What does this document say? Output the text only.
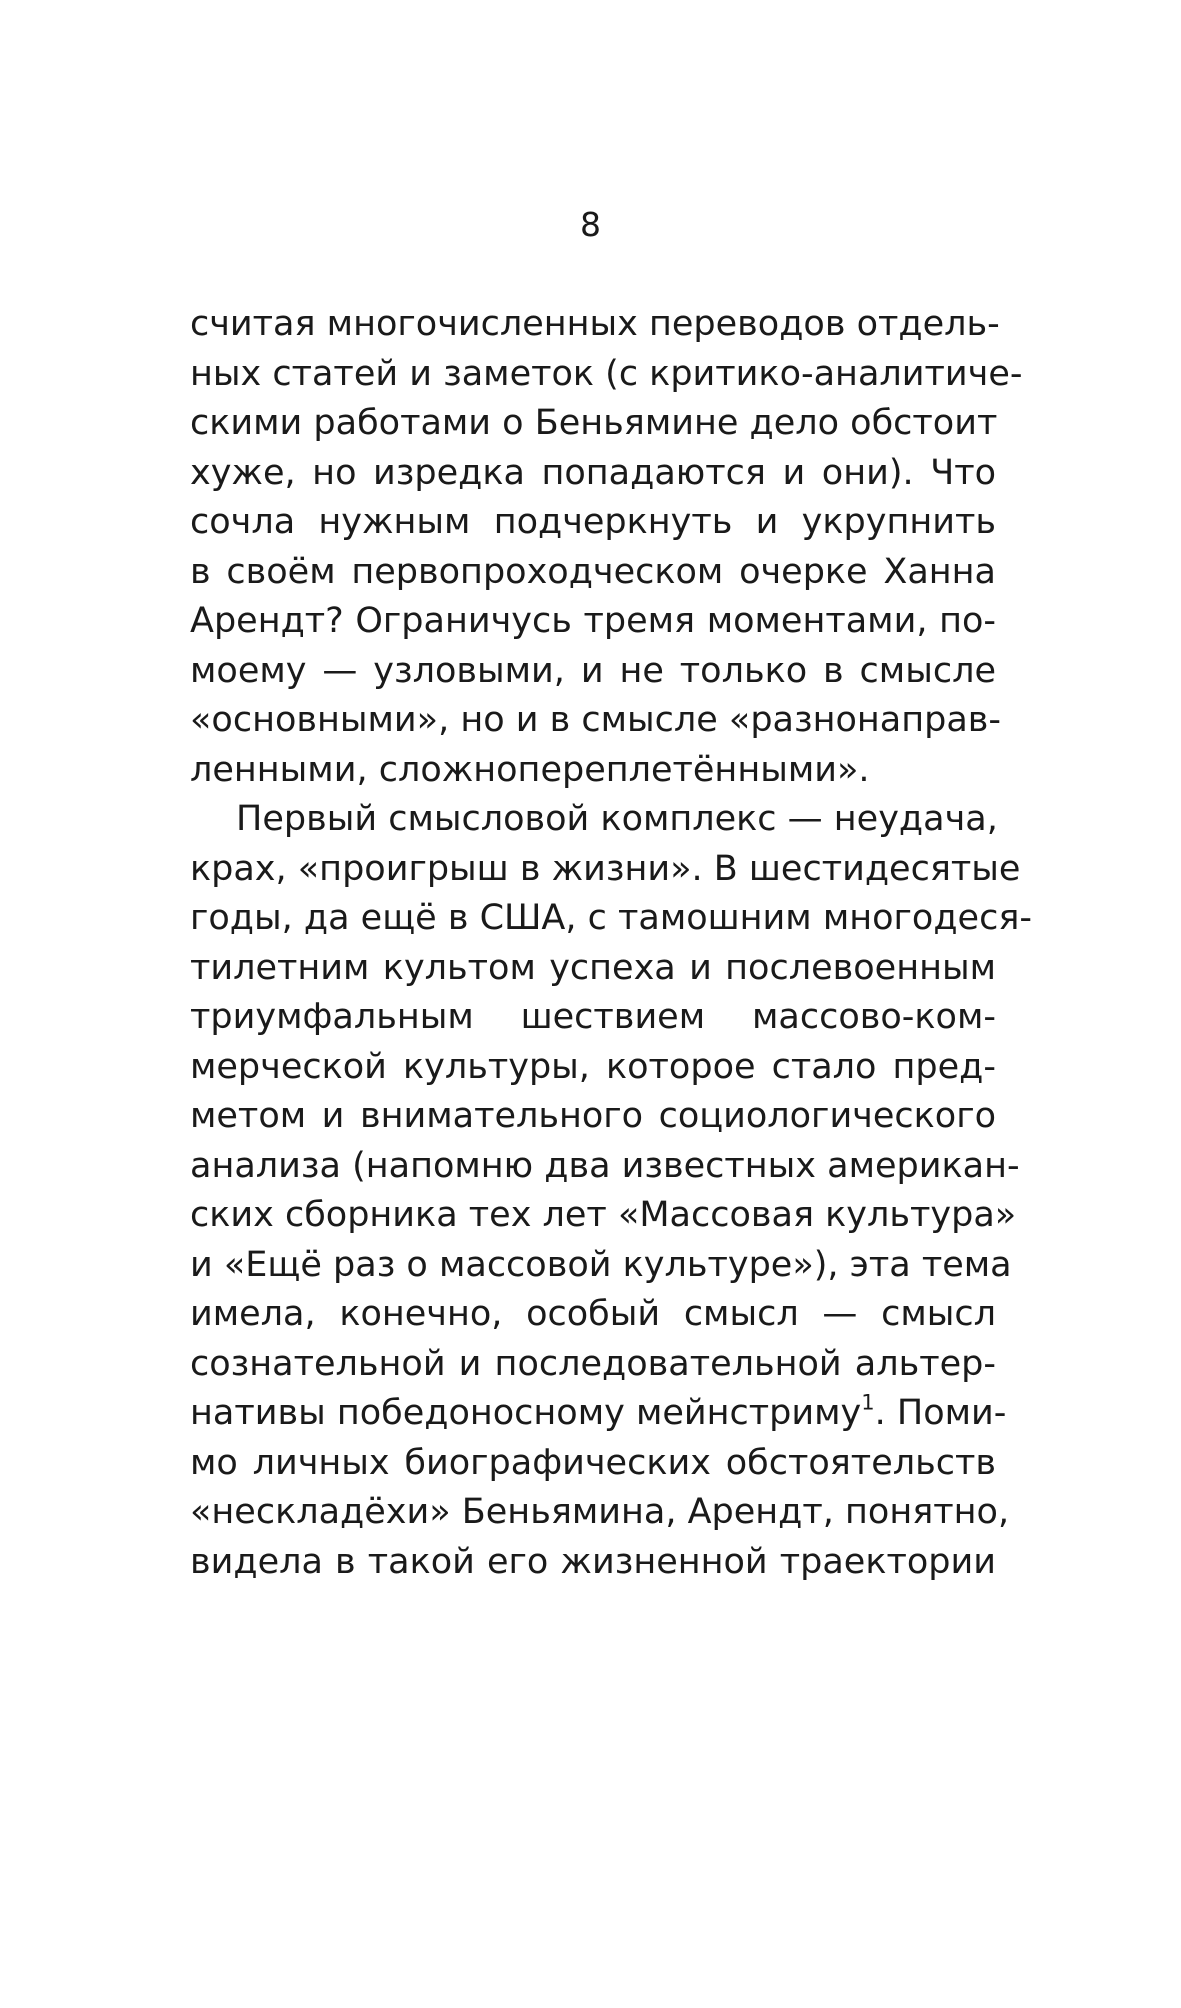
8
считая многочисленных переводов отдель-
ных статей и заметок (с критико-аналитиче-
скими работами о Беньямине дело обстоит
хуже, но изредка попадаются и они). Что
сочла нужным подчеркнуть и укрупнить
в своём первопроходческом очерке Ханна
Арендт? Ограничусь тремя моментами, по-
моему — узловыми, и не только в смысле
«основными», но и в смысле «разнонаправ-
ленными, сложнопереплетёнными».
Первый смысловой комплекс — неудача,
крах, «проигрыш в жизни». В шестидесятые
годы, да ещё в США, с тамошним многодеся-
тилетним культом успеха и послевоенным
триумфальным шествием массово-ком-
мерческой культуры, которое стало пред-
метом и внимательного социологического
анализа (напомню два известных американ-
ских сборника тех лет «Массовая культура»
и «Ещё раз о массовой культуре»), эта тема
имела, конечно, особый смысл — смысл
сознательной и последовательной альтер-
нативы победоносному мейнстриму$^1$. Поми-
мо личных биографических обстоятельств
«нескладёхи» Беньямина, Арендт, понятно,
видела в такой его жизненной траектории
